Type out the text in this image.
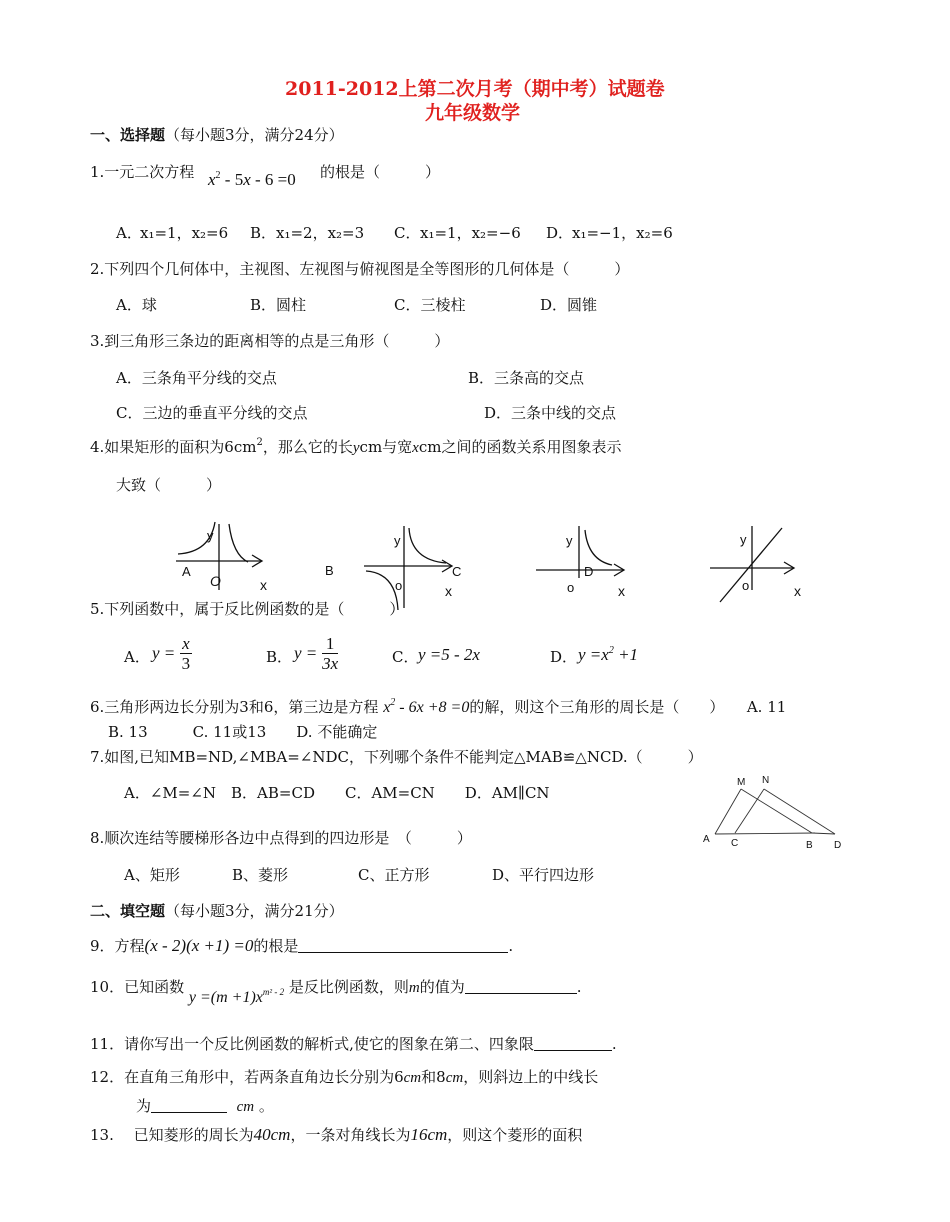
2011-2012上第二次月考（期中考）试题卷
九年级数学
一、选择题（每小题3分，满分24分）
1.一元二次方程 $x^2 - 5x - 6 =0$ 的根是（　　　）
A．
x₁=1，x₂=6 B． x₁=2，x₂=3 C． x₁=1，x₂=−6 D．
x₁=−1，x₂=6
2.下列四个几何体中，主视图、左视图与俯视图是全等图形的几何体是（　　　）
A．球	B．圆柱	C．三棱柱	D．圆锥
3.到三角形三条边的距离相等的点是三角形（　　　）
A．三条角平分线的交点	B．三条高的交点
C．三边的垂直平分线的交点	D．三条中线的交点
4.如果矩形的面积为$6cm^2$，那么它的长ycm与宽xcm之间的函数关系用图象表示
大致（　　　）
y
A
O	x
y
B	C
o	x
y
D
o	x
y
o	x
5.下列函数中，属于反比例函数的是（　　　）
A． $y = \frac{x}{3}$	B． $y = \frac{1}{3x}$	C． y =5 - 2x	D． $y =x^2 +1$
6.三角形两边长分别为3和6，第三边是方程 $x^2 - 6x +8 =0$的解，则这个三角形的周长是（　　）　　A. 11
B. 13　　　C. 11或13　　D. 不能确定
7.如图,已知MB=ND,∠MBA=∠NDC，下列哪个条件不能判定△MAB≌△NCD.（　　　）
A．∠M=∠N　B．AB=CD　　C．AM=CN　　D．AM∥CN
M N
A C	B D
8.顺次连结等腰梯形各边中点得到的四边形是　（　　　）
A、矩形	B、菱形	C、正方形	D、平行四边形
二、填空题（每小题3分，满分21分）
9．方程(x - 2)(x +1) =0的根是	.
10．已知函数 $y =(m +1)x^{m^2 - 2}$ 是反比例函数，则m的值为	.
11．请你写出一个反比例函数的解析式,使它的图象在第二、四象限	.
12．在直角三角形中，若两条直角边长分别为6cm和8cm，则斜边上的中线长
为	cm 。
13.　 已知菱形的周长为40cm，一条对角线长为16cm，则这个菱形的面积
